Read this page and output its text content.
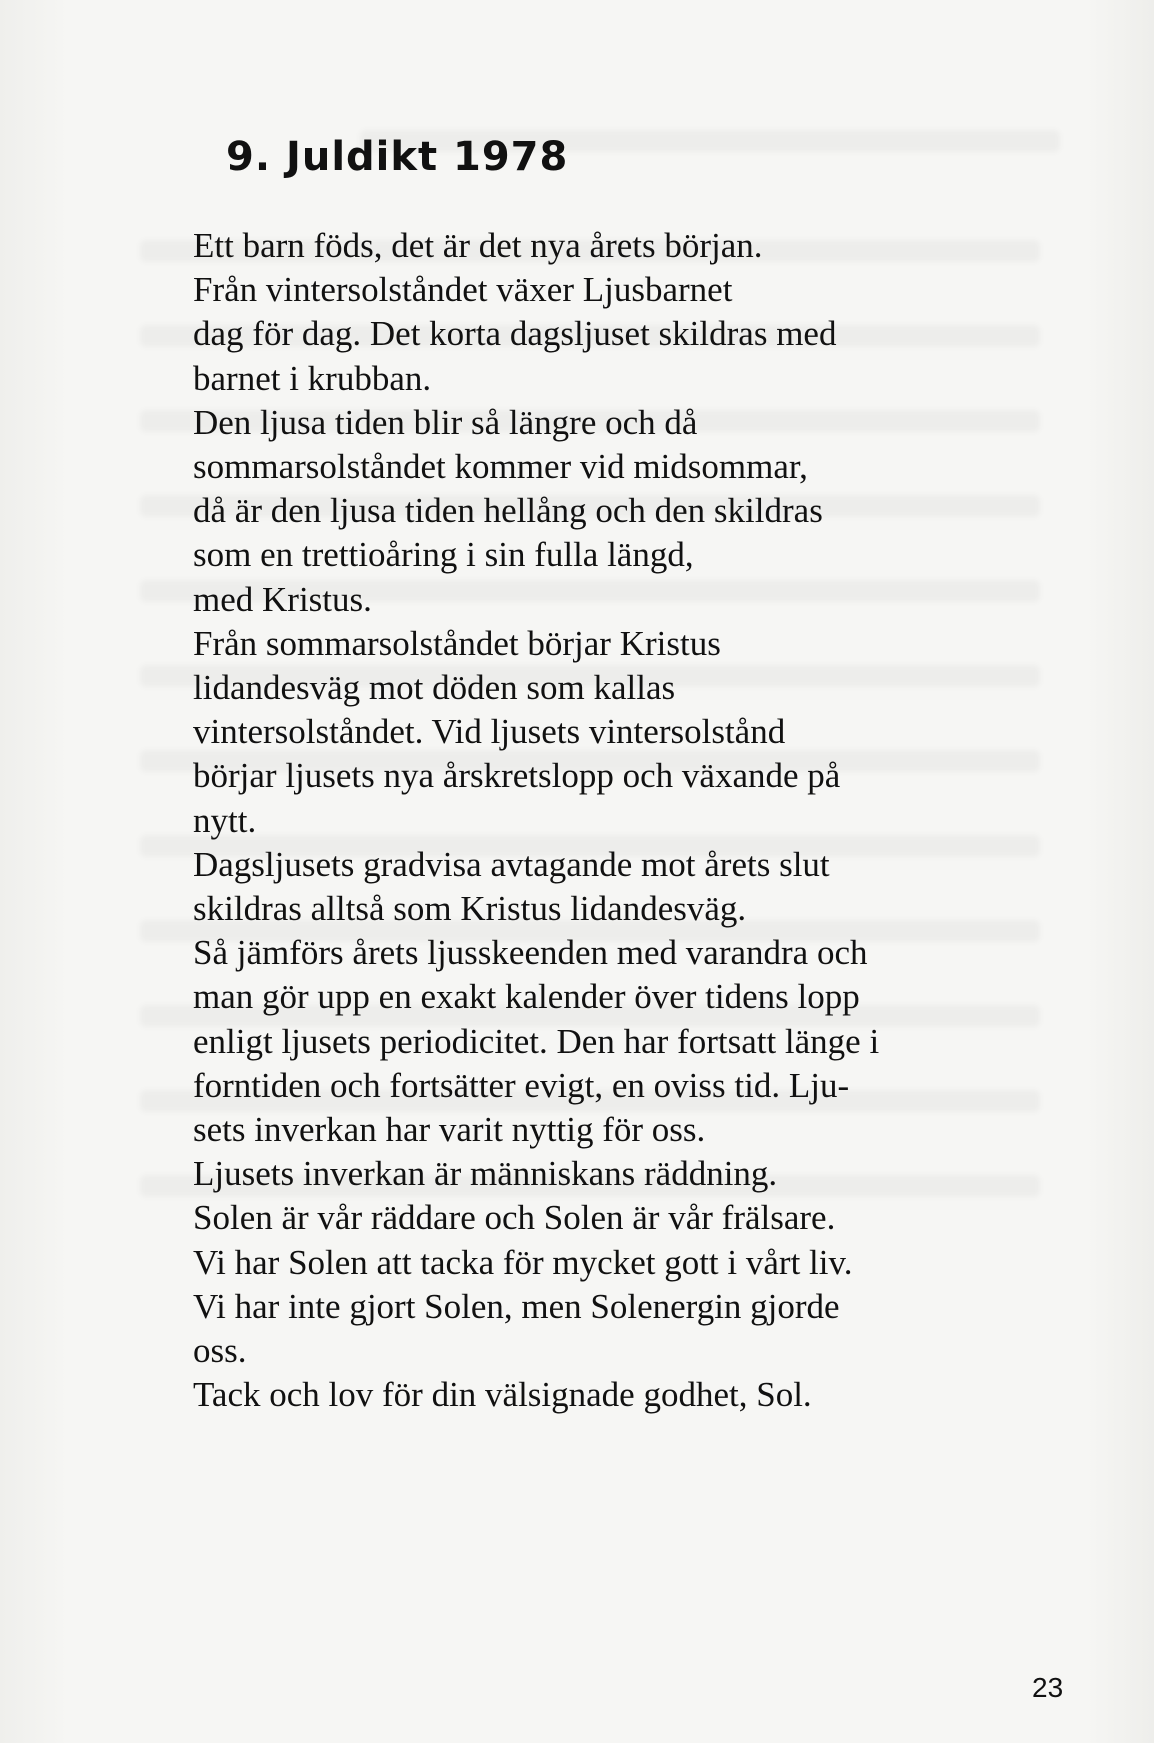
9. Juldikt 1978
Ett barn föds, det är det nya årets början.
Från vintersolståndet växer Ljusbarnet
dag för dag. Det korta dagsljuset skildras med
barnet i krubban.
Den ljusa tiden blir så längre och då
sommarsolståndet kommer vid midsommar,
då är den ljusa tiden hellång och den skildras
som en trettioåring i sin fulla längd,
med Kristus.
Från sommarsolståndet börjar Kristus
lidandesväg mot döden som kallas
vintersolståndet. Vid ljusets vintersolstånd
börjar ljusets nya årskretslopp och växande på
nytt.
Dagsljusets gradvisa avtagande mot årets slut
skildras alltså som Kristus lidandesväg.
Så jämförs årets ljusskeenden med varandra och
man gör upp en exakt kalender över tidens lopp
enligt ljusets periodicitet. Den har fortsatt länge i
forntiden och fortsätter evigt, en oviss tid. Lju-
sets inverkan har varit nyttig för oss.
Ljusets inverkan är människans räddning.
Solen är vår räddare och Solen är vår frälsare.
Vi har Solen att tacka för mycket gott i vårt liv.
Vi har inte gjort Solen, men Solenergin gjorde
oss.
Tack och lov för din välsignade godhet, Sol.
23
